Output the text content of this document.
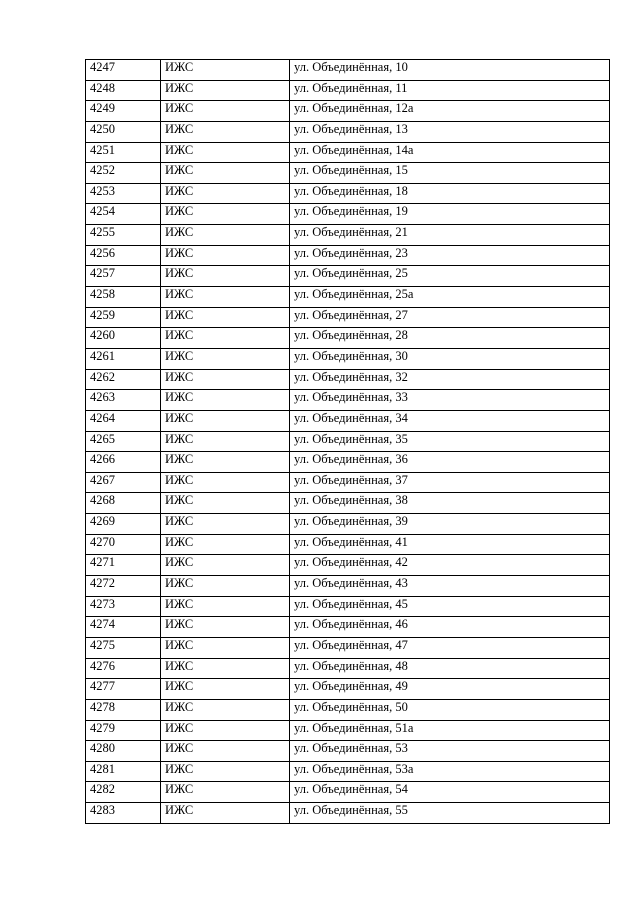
4247	ИЖС	ул. Объединённая, 10
4248	ИЖС	ул. Объединённая, 11
4249	ИЖС	ул. Объединённая, 12а
4250	ИЖС	ул. Объединённая, 13
4251	ИЖС	ул. Объединённая, 14а
4252	ИЖС	ул. Объединённая, 15
4253	ИЖС	ул. Объединённая, 18
4254	ИЖС	ул. Объединённая, 19
4255	ИЖС	ул. Объединённая, 21
4256	ИЖС	ул. Объединённая, 23
4257	ИЖС	ул. Объединённая, 25
4258	ИЖС	ул. Объединённая, 25а
4259	ИЖС	ул. Объединённая, 27
4260	ИЖС	ул. Объединённая, 28
4261	ИЖС	ул. Объединённая, 30
4262	ИЖС	ул. Объединённая, 32
4263	ИЖС	ул. Объединённая, 33
4264	ИЖС	ул. Объединённая, 34
4265	ИЖС	ул. Объединённая, 35
4266	ИЖС	ул. Объединённая, 36
4267	ИЖС	ул. Объединённая, 37
4268	ИЖС	ул. Объединённая, 38
4269	ИЖС	ул. Объединённая, 39
4270	ИЖС	ул. Объединённая, 41
4271	ИЖС	ул. Объединённая, 42
4272	ИЖС	ул. Объединённая, 43
4273	ИЖС	ул. Объединённая, 45
4274	ИЖС	ул. Объединённая, 46
4275	ИЖС	ул. Объединённая, 47
4276	ИЖС	ул. Объединённая, 48
4277	ИЖС	ул. Объединённая, 49
4278	ИЖС	ул. Объединённая, 50
4279	ИЖС	ул. Объединённая, 51а
4280	ИЖС	ул. Объединённая, 53
4281	ИЖС	ул. Объединённая, 53а
4282	ИЖС	ул. Объединённая, 54
4283	ИЖС	ул. Объединённая, 55
